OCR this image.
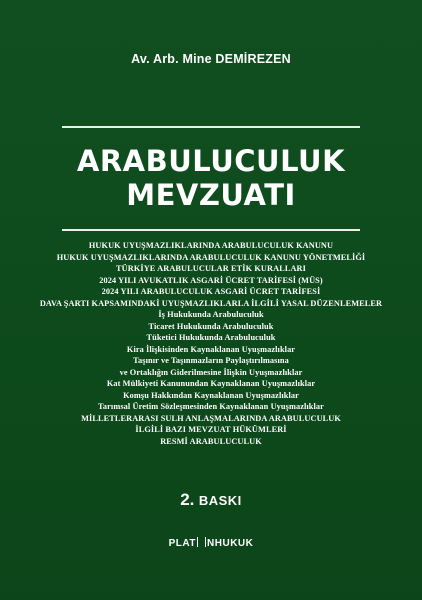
Av. Arb. Mine DEMİREZEN
ARABULUCULUK
MEVZUATI
HUKUK UYUŞMAZLIKLARINDA ARABULUCULUK KANUNU
HUKUK UYUŞMAZLIKLARINDA ARABULUCULUK KANUNU YÖNETMELİĞİ
TÜRKİYE ARABULUCULAR ETİK KURALLARI
2024 YILI AVUKATLIK ASGARİ ÜCRET TARİFESİ (MÜS)
2024 YILI ARABULUCULUK ASGARİ ÜCRET TARİFESİ
DAVA ŞARTI KAPSAMINDAKİ UYUŞMAZLIKLARLA İLGİLİ YASAL DÜZENLEMELER
İş Hukukunda Arabuluculuk
Ticaret Hukukunda Arabuluculuk
Tüketici Hukukunda Arabuluculuk
Kira İlişkisinden Kaynaklanan Uyuşmazlıklar
Taşınır ve Taşınmazların Paylaştırılmasına
ve Ortaklığın Giderilmesine İlişkin Uyuşmazlıklar
Kat Mülkiyeti Kanunundan Kaynaklanan Uyuşmazlıklar
Komşu Hakkından Kaynaklanan Uyuşmazlıklar
Tarımsal Üretim Sözleşmesinden Kaynaklanan Uyuşmazlıklar
MİLLETLERARASI SULH ANLAŞMALARINDA ARABULUCULUK
İLGİLİ BAZI MEVZUAT HÜKÜMLERİ
RESMİ ARABULUCULUK
2. BASKI
PLAT NHUKUK
